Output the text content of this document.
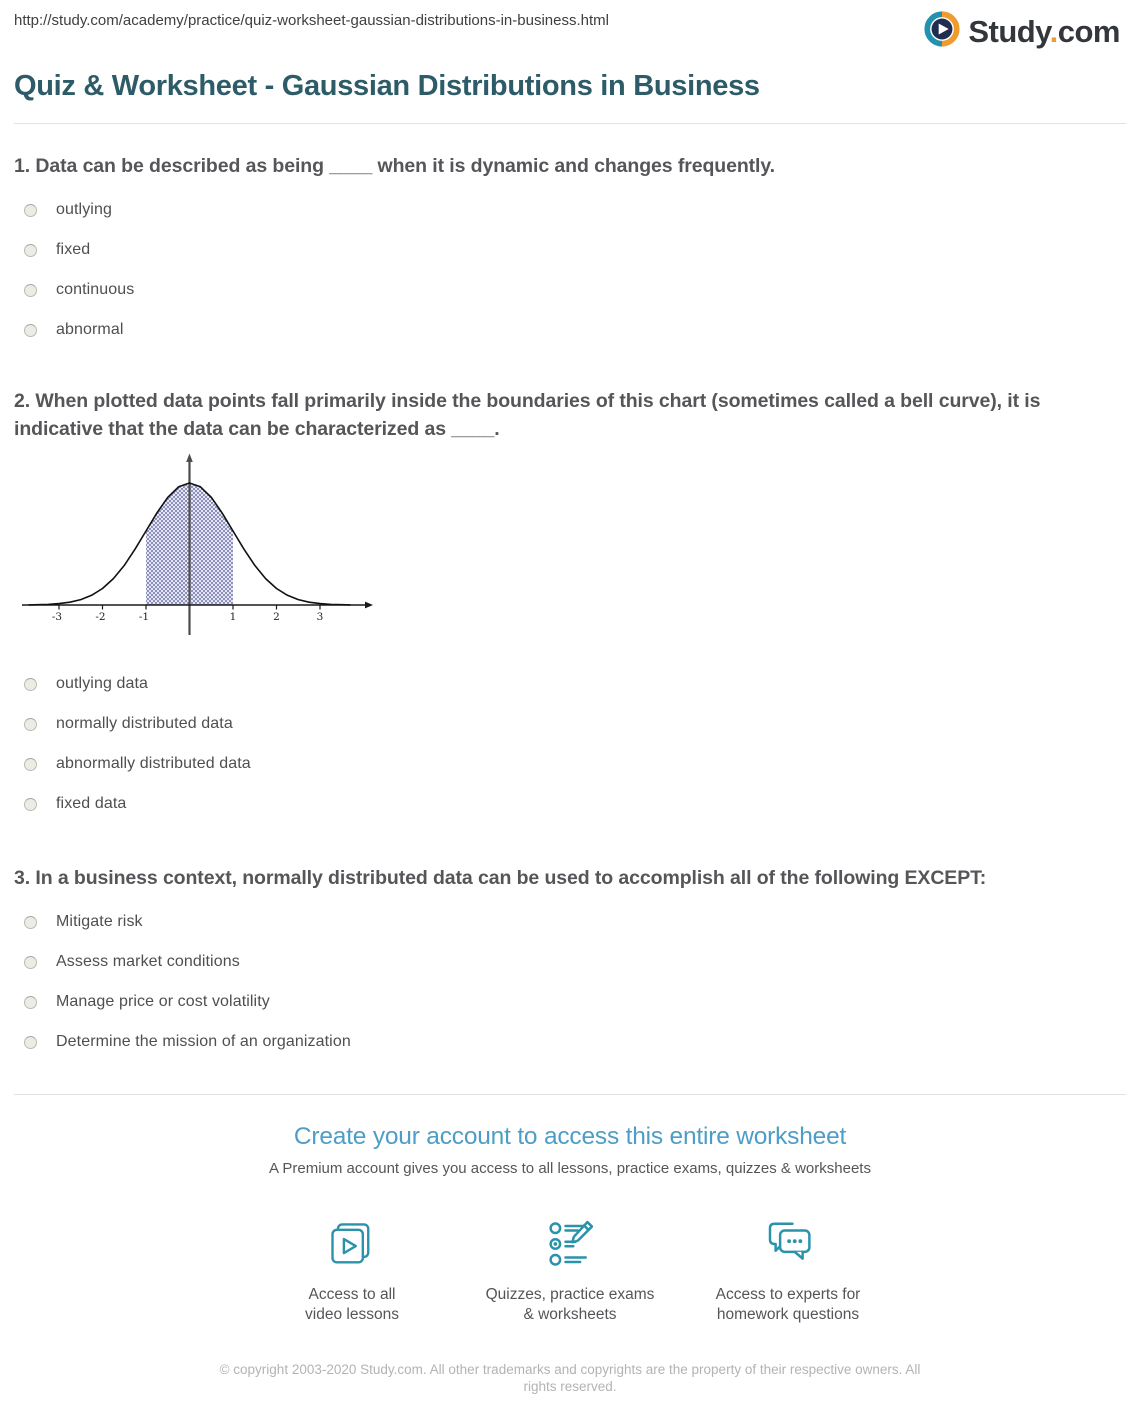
http://study.com/academy/practice/quiz-worksheet-gaussian-distributions-in-business.html	Study.com
Quiz & Worksheet - Gaussian Distributions in Business
1. Data can be described as being ____ when it is dynamic and changes frequently.
outlying
fixed
continuous
abnormal
2. When plotted data points fall primarily inside the boundaries of this chart (sometimes called a bell curve), it is indicative that the data can be characterized as ____.
-3	-2	-1	1	2	3
outlying data
normally distributed data
abnormally distributed data
fixed data
3. In a business context, normally distributed data can be used to accomplish all of the following EXCEPT:
Mitigate risk
Assess market conditions
Manage price or cost volatility
Determine the mission of an organization
Create your account to access this entire worksheet
A Premium account gives you access to all lessons, practice exams, quizzes & worksheets
Access to all
video lessons
Quizzes, practice exams
& worksheets
Access to experts for
homework questions
© copyright 2003-2020 Study.com. All other trademarks and copyrights are the property of their respective owners. All rights reserved.
